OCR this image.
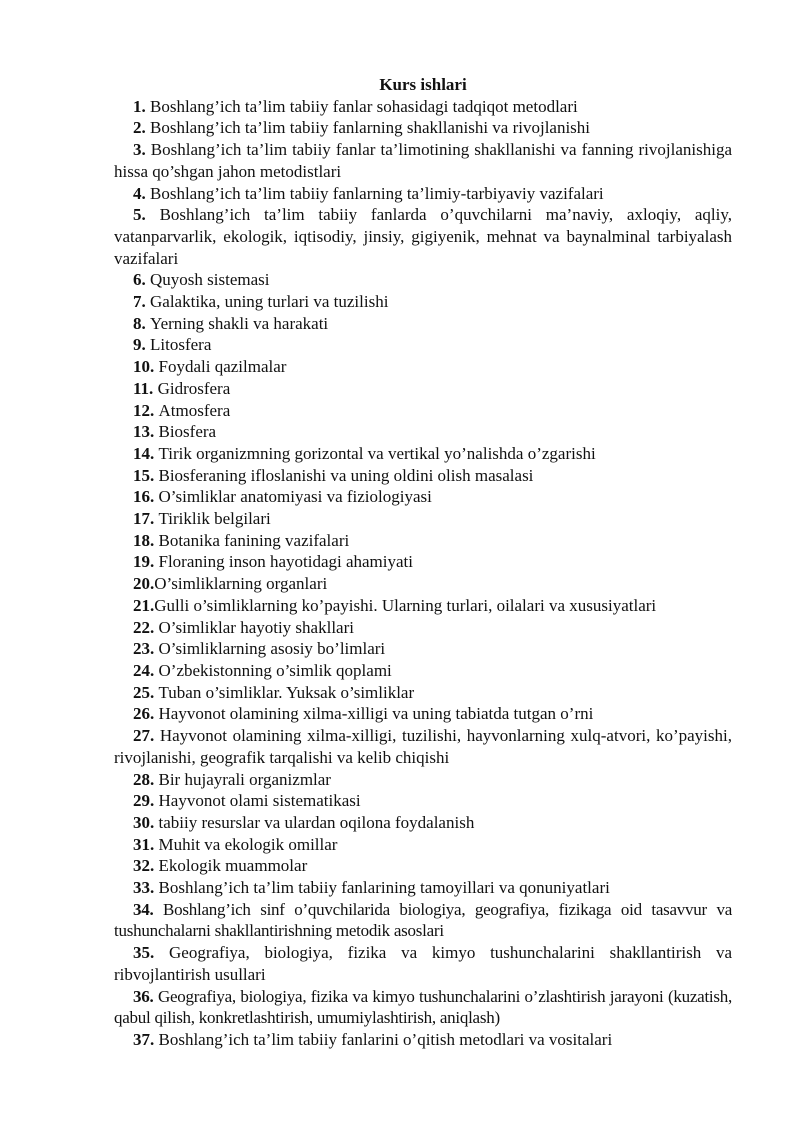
Kurs ishlari

1. Boshlang’ich ta’lim tabiiy fanlar sohasidagi tadqiqot metodlari

2. Boshlang’ich ta’lim tabiiy fanlarning shakllanishi va rivojlanishi

3. Boshlang’ich ta’lim tabiiy fanlar ta’limotining shakllanishi va fanning rivojlanishiga hissa qo’shgan jahon metodistlari

4. Boshlang’ich ta’lim tabiiy fanlarning ta’limiy-tarbiyaviy vazifalari

5. Boshlang’ich ta’lim tabiiy fanlarda o’quvchilarni ma’naviy, axloqiy, aqliy, vatanparvarlik, ekologik, iqtisodiy, jinsiy, gigiyenik, mehnat va baynalminal tarbiyalash vazifalari

6. Quyosh sistemasi

7. Galaktika, uning turlari va tuzilishi

8. Yerning shakli va harakati

9. Litosfera

10. Foydali qazilmalar

11. Gidrosfera

12. Atmosfera

13. Biosfera

14. Tirik organizmning gorizontal va vertikal yo’nalishda o’zgarishi

15. Biosferaning ifloslanishi va uning oldini olish masalasi

16. O’simliklar anatomiyasi va fiziologiyasi

17. Tiriklik belgilari

18. Botanika fanining vazifalari

19. Floraning inson hayotidagi ahamiyati

20.O’simliklarning organlari

21.Gulli o’simliklarning ko’payishi. Ularning turlari, oilalari va xususiyatlari

22. O’simliklar hayotiy shakllari

23. O’simliklarning asosiy bo’limlari

24. O’zbekistonning o’simlik qoplami

25. Tuban o’simliklar. Yuksak o’simliklar

26. Hayvonot olamining xilma-xilligi va uning tabiatda tutgan o’rni

27. Hayvonot olamining xilma-xilligi, tuzilishi, hayvonlarning xulq-atvori, ko’payishi, rivojlanishi, geografik tarqalishi va kelib chiqishi

28. Bir hujayrali organizmlar

29. Hayvonot olami sistematikasi

30. tabiiy resurslar va ulardan oqilona foydalanish

31. Muhit va ekologik omillar

32. Ekologik muammolar

33. Boshlang’ich ta’lim tabiiy fanlarining tamoyillari va qonuniyatlari

34. Boshlang’ich sinf o’quvchilarida biologiya, geografiya, fizikaga oid tasavvur va tushunchalarni shakllantirishning metodik asoslari

35. Geografiya, biologiya, fizika va kimyo tushunchalarini shakllantirish va ribvojlantirish usullari

36. Geografiya, biologiya, fizika va kimyo tushunchalarini o’zlashtirish jarayoni (kuzatish, qabul qilish, konkretlashtirish, umumiylashtirish, aniqlash)

37. Boshlang’ich ta’lim tabiiy fanlarini o’qitish metodlari va vositalari
